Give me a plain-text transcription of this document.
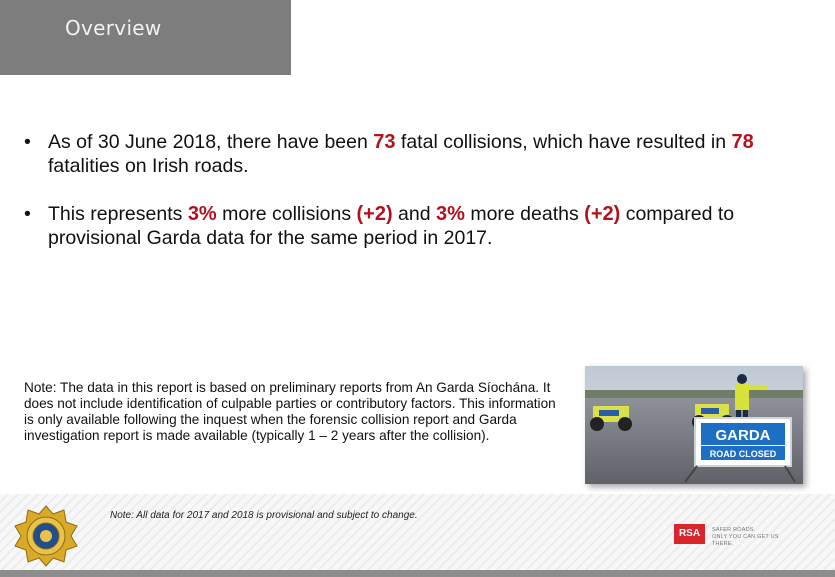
Overview
• As of 30 June 2018, there have been 73 fatal collisions, which have resulted in 78 fatalities on Irish roads.
• This represents 3% more collisions (+2) and 3% more deaths (+2) compared to provisional Garda data for the same period in 2017.
Note: The data in this report is based on preliminary reports from An Garda Síochána. It does not include identification of culpable parties or contributory factors. This information is only available following the inquest when the forensic collision report and Garda investigation report is made available (typically 1 – 2 years after the collision).	GARDA
ROAD CLOSED
Note: All data for 2017 and 2018 is provisional and subject to change.
RSA	SAFER ROADS.
ONLY YOU CAN GET US THERE.
